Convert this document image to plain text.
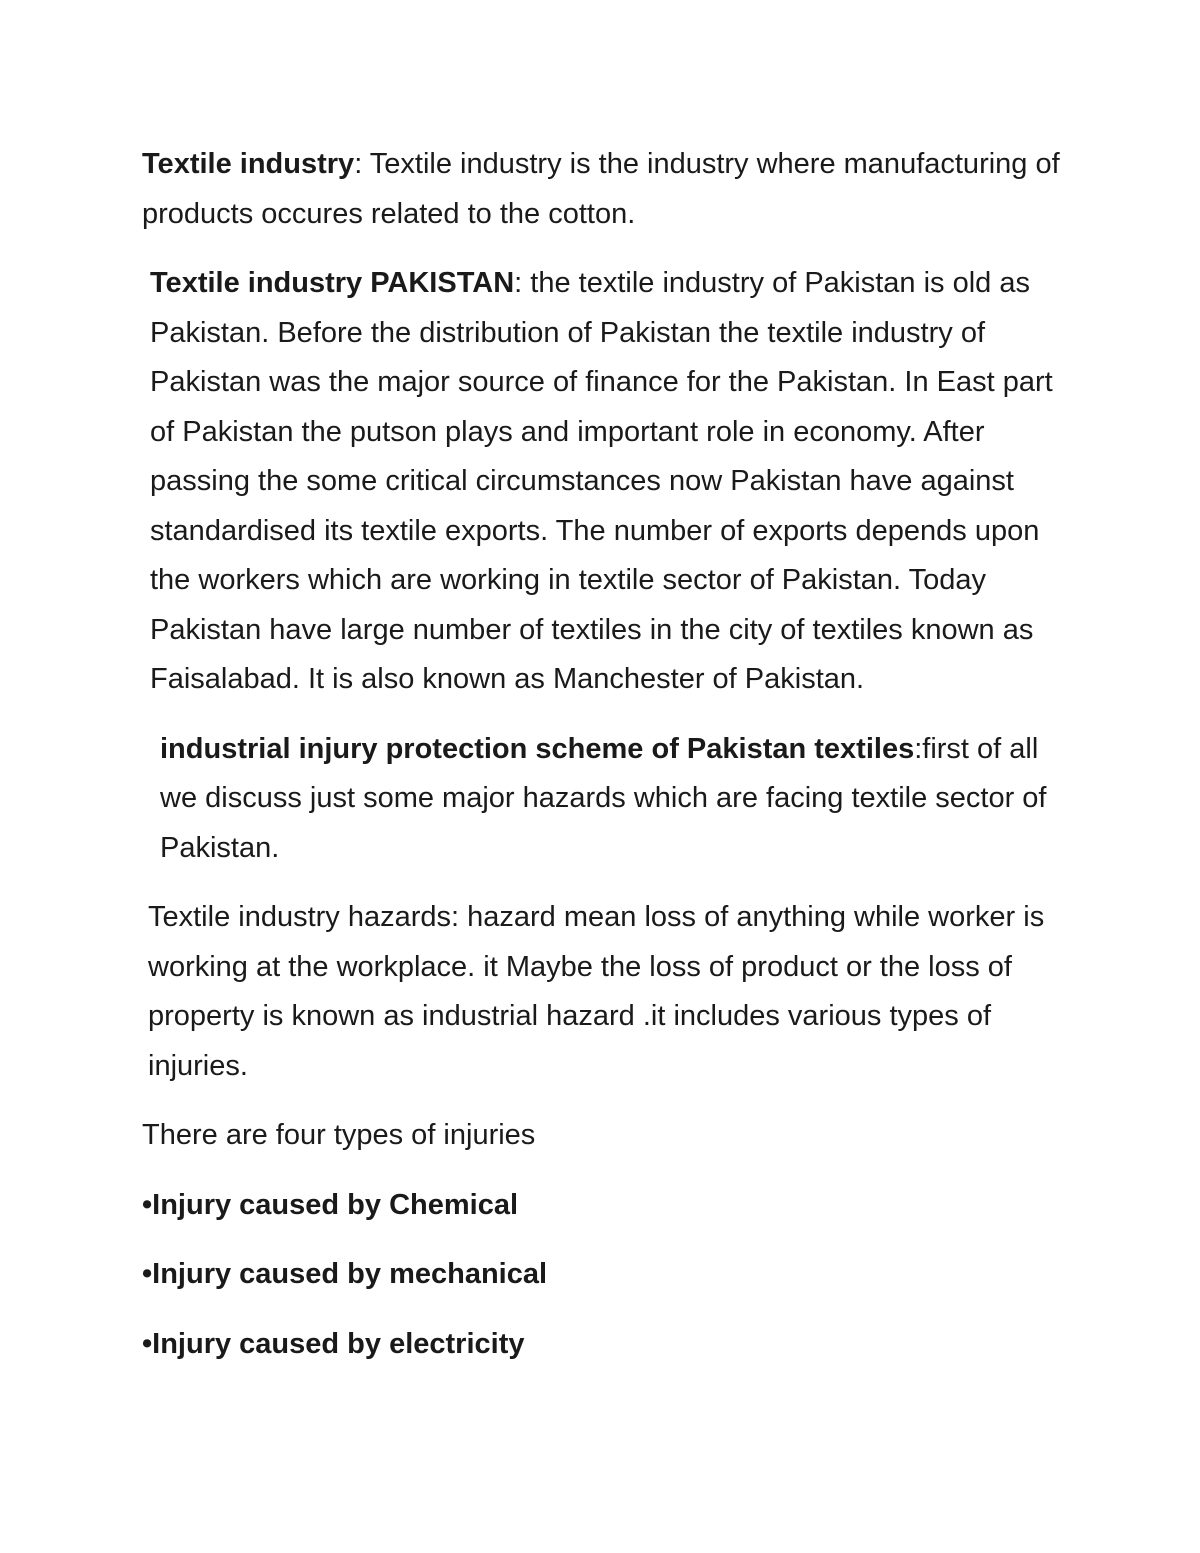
Textile industry: Textile industry is the industry where manufacturing of products occures related to the cotton.

Textile industry PAKISTAN: the textile industry of Pakistan is old as Pakistan. Before the distribution of Pakistan the textile industry of Pakistan was the major source of finance for the Pakistan. In East part of Pakistan the putson plays and important role in economy. After passing the some critical circumstances now Pakistan have against standardised its textile exports. The number of exports depends upon the workers which are working in textile sector of Pakistan. Today Pakistan have large number of textiles in the city of textiles known as Faisalabad. It is also known as Manchester of Pakistan.

industrial injury protection scheme of Pakistan textiles:first of all we discuss just some major hazards which are facing textile sector of Pakistan.

Textile industry hazards: hazard mean loss of anything while worker is working at the workplace. it Maybe the loss of product or the loss of property is known as industrial hazard .it includes various types of injuries.

There are four types of injuries

•Injury caused by Chemical

•Injury caused by mechanical

•Injury caused by electricity
